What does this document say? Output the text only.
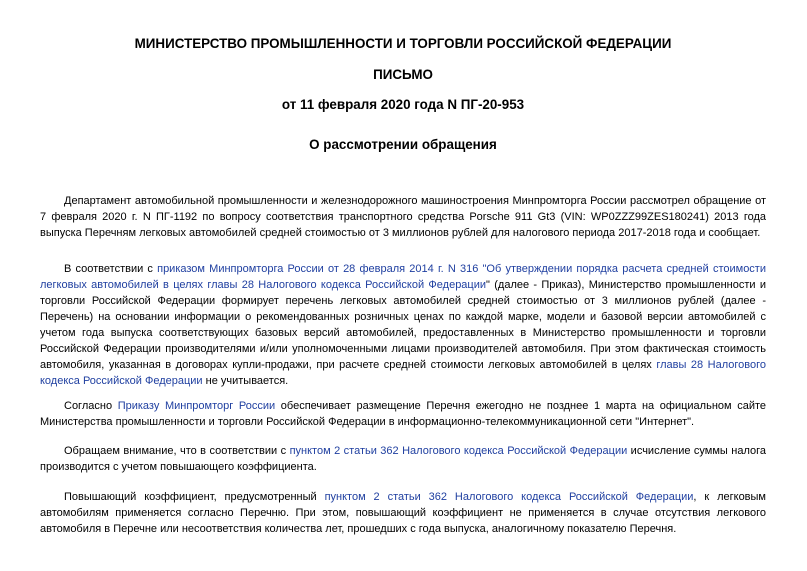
МИНИСТЕРСТВО ПРОМЫШЛЕННОСТИ И ТОРГОВЛИ РОССИЙСКОЙ ФЕДЕРАЦИИ
ПИСЬМО
от 11 февраля 2020 года N ПГ-20-953
О рассмотрении обращения

Департамент автомобильной промышленности и железнодорожного машиностроения Минпромторга России рассмотрел обращение от 7 февраля 2020 г. N ПГ-1192 по вопросу соответствия транспортного средства Porsche 911 Gt3 (VIN: WP0ZZZ99ZES180241) 2013 года выпуска Перечням легковых автомобилей средней стоимостью от 3 миллионов рублей для налогового периода 2017-2018 года и сообщает.

В соответствии с приказом Минпромторга России от 28 февраля 2014 г. N 316 "Об утверждении порядка расчета средней стоимости легковых автомобилей в целях главы 28 Налогового кодекса Российской Федерации" (далее - Приказ), Министерство промышленности и торговли Российской Федерации формирует перечень легковых автомобилей средней стоимостью от 3 миллионов рублей (далее - Перечень) на основании информации о рекомендованных розничных ценах по каждой марке, модели и базовой версии автомобилей с учетом года выпуска соответствующих базовых версий автомобилей, предоставленных в Министерство промышленности и торговли Российской Федерации производителями и/или уполномоченными лицами производителей автомобиля. При этом фактическая стоимость автомобиля, указанная в договорах купли-продажи, при расчете средней стоимости легковых автомобилей в целях главы 28 Налогового кодекса Российской Федерации не учитывается.

Согласно Приказу Минпромторг России обеспечивает размещение Перечня ежегодно не позднее 1 марта на официальном сайте Министерства промышленности и торговли Российской Федерации в информационно-телекоммуникационной сети "Интернет".

Обращаем внимание, что в соответствии с пунктом 2 статьи 362 Налогового кодекса Российской Федерации исчисление суммы налога производится с учетом повышающего коэффициента.

Повышающий коэффициент, предусмотренный пунктом 2 статьи 362 Налогового кодекса Российской Федерации, к легковым автомобилям применяется согласно Перечню. При этом, повышающий коэффициент не применяется в случае отсутствия легкового автомобиля в Перечне или несоответствия количества лет, прошедших с года выпуска, аналогичному показателю Перечня.
